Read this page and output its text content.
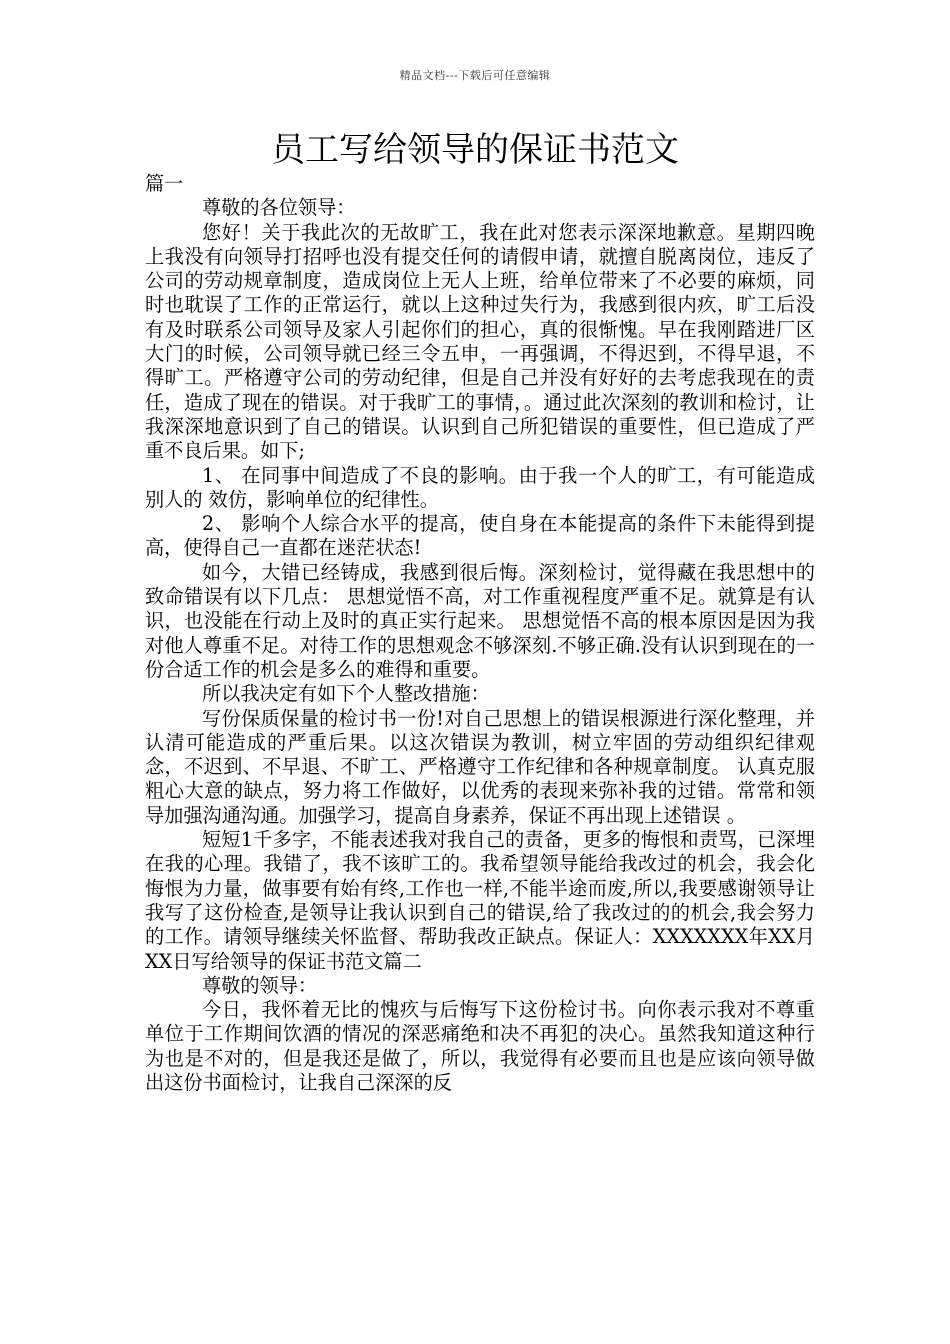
精品文档---下载后可任意编辑
员工写给领导的保证书范文

篇一

尊敬的各位领导：

您好！关于我此次的无故旷工，我在此对您表示深深地歉意。星期四晚上我没有向领导打招呼也没有提交任何的请假申请，就擅自脱离岗位，违反了公司的劳动规章制度，造成岗位上无人上班，给单位带来了不必要的麻烦，同时也耽误了工作的正常运行，就以上这种过失行为，我感到很内疚，旷工后没有及时联系公司领导及家人引起你们的担心，真的很惭愧。早在我刚踏进厂区大门的时候，公司领导就已经三令五申，一再强调，不得迟到，不得早退，不得旷工。严格遵守公司的劳动纪律，但是自己并没有好好的去考虑我现在的责任，造成了现在的错误。对于我旷工的事情，。通过此次深刻的教训和检讨，让我深深地意识到了自己的错误。认识到自己所犯错误的重要性，但已造成了严重不良后果。如下;

1、 在同事中间造成了不良的影响。由于我一个人的旷工，有可能造成别人的 效仿，影响单位的纪律性。

2、 影响个人综合水平的提高，使自身在本能提高的条件下未能得到提高，使得自己一直都在迷茫状态!

如今，大错已经铸成，我感到很后悔。深刻检讨，觉得藏在我思想中的致命错误有以下几点： 思想觉悟不高，对工作重视程度严重不足。就算是有认识，也没能在行动上及时的真正实行起来。 思想觉悟不高的根本原因是因为我对他人尊重不足。对待工作的思想观念不够深刻.不够正确.没有认识到现在的一份合适工作的机会是多么的难得和重要。

所以我决定有如下个人整改措施：

写份保质保量的检讨书一份!对自己思想上的错误根源进行深化整理，并认清可能造成的严重后果。以这次错误为教训，树立牢固的劳动组织纪律观念，不迟到、不早退、不旷工、严格遵守工作纪律和各种规章制度。 认真克服粗心大意的缺点，努力将工作做好，以优秀的表现来弥补我的过错。常常和领导加强沟通沟通。加强学习，提高自身素养，保证不再出现上述错误 。

短短1千多字，不能表述我对我自己的责备，更多的悔恨和责骂，已深埋在我的心理。我错了，我不该旷工的。我希望领导能给我改过的机会，我会化悔恨为力量，做事要有始有终,工作也一样,不能半途而废,所以,我要感谢领导让我写了这份检查,是领导让我认识到自己的错误,给了我改过的的机会,我会努力的工作。请领导继续关怀监督、帮助我改正缺点。保证人：XXXXXXX年XX月XX日写给领导的保证书范文篇二

尊敬的领导：

今日，我怀着无比的愧疚与后悔写下这份检讨书。向你表示我对不尊重单位于工作期间饮酒的情况的深恶痛绝和决不再犯的决心。虽然我知道这种行为也是不对的，但是我还是做了，所以，我觉得有必要而且也是应该向领导做出这份书面检讨，让我自己深深的反
